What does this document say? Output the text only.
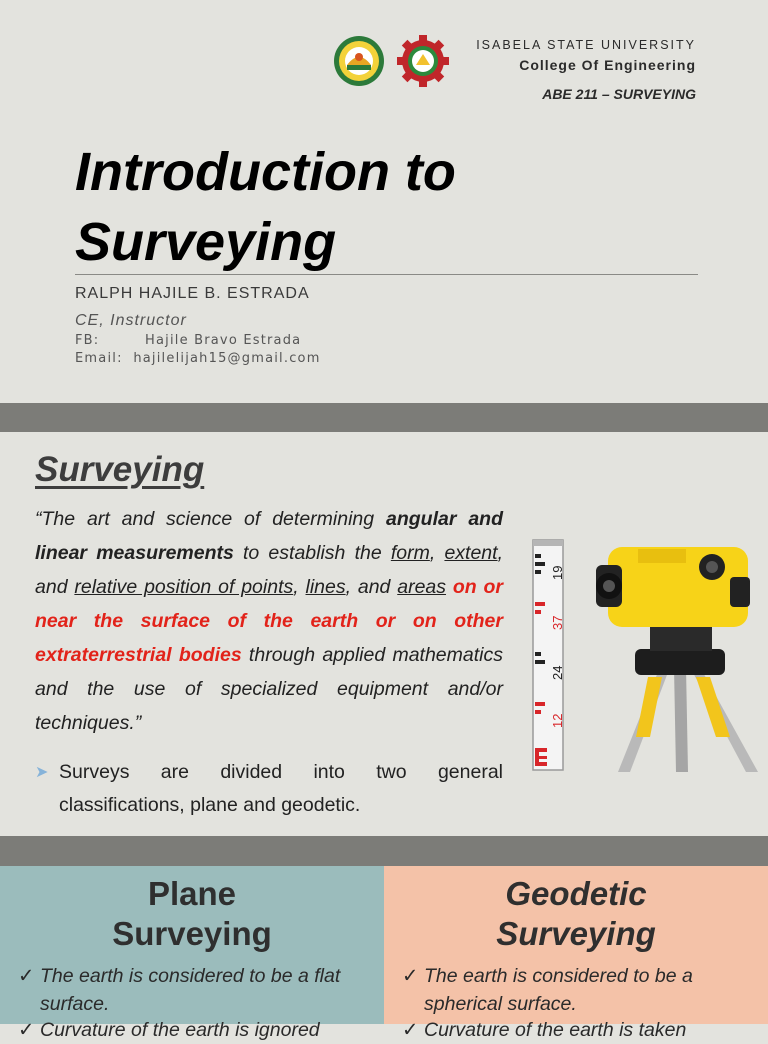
ISABELA STATE UNIVERSITY
College Of Engineering
ABE 211 – SURVEYING
Introduction to
Surveying
RALPH HAJILE B. ESTRADA
CE, Instructor
FB:	Hajile Bravo Estrada
Email: hajilelijah15@gmail.com
Surveying

“The art and science of determining angular and linear measurements to establish the form, extent, and relative position of points, lines, and areas on or near the surface of the earth or on other extraterrestrial bodies through applied mathematics and the use of specialized equipment and/or techniques.”

➤ Surveys are divided into two general classifications, plane and geodetic.
19
37
24
12
Plane
Surveying
✓ The earth is considered to be a flat surface.
✓ Curvature of the earth is ignored
Geodetic
Surveying
✓ The earth is considered to be a spherical surface.
✓ Curvature of the earth is taken
